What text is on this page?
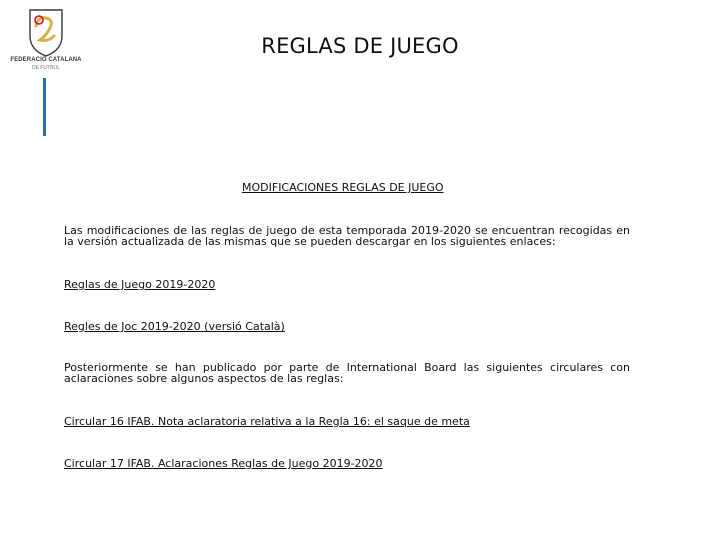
FEDERACIÓ CATALANA
DE FUTBOL
REGLAS DE JUEGO
MODIFICACIONES REGLAS DE JUEGO
Las modificaciones de las reglas de juego de esta temporada 2019-2020 se encuentran recogidas en la versión actualizada de las mismas que se pueden descargar en los siguientes enlaces:
Reglas de Juego 2019-2020
Regles de Joc 2019-2020 (versió Català)
Posteriormente se han publicado por parte de International Board las siguientes circulares con aclaraciones sobre algunos aspectos de las reglas:
Circular 16 IFAB. Nota aclaratoria relativa a la Regla 16: el saque de meta
Circular 17 IFAB. Aclaraciones Reglas de Juego 2019-2020
